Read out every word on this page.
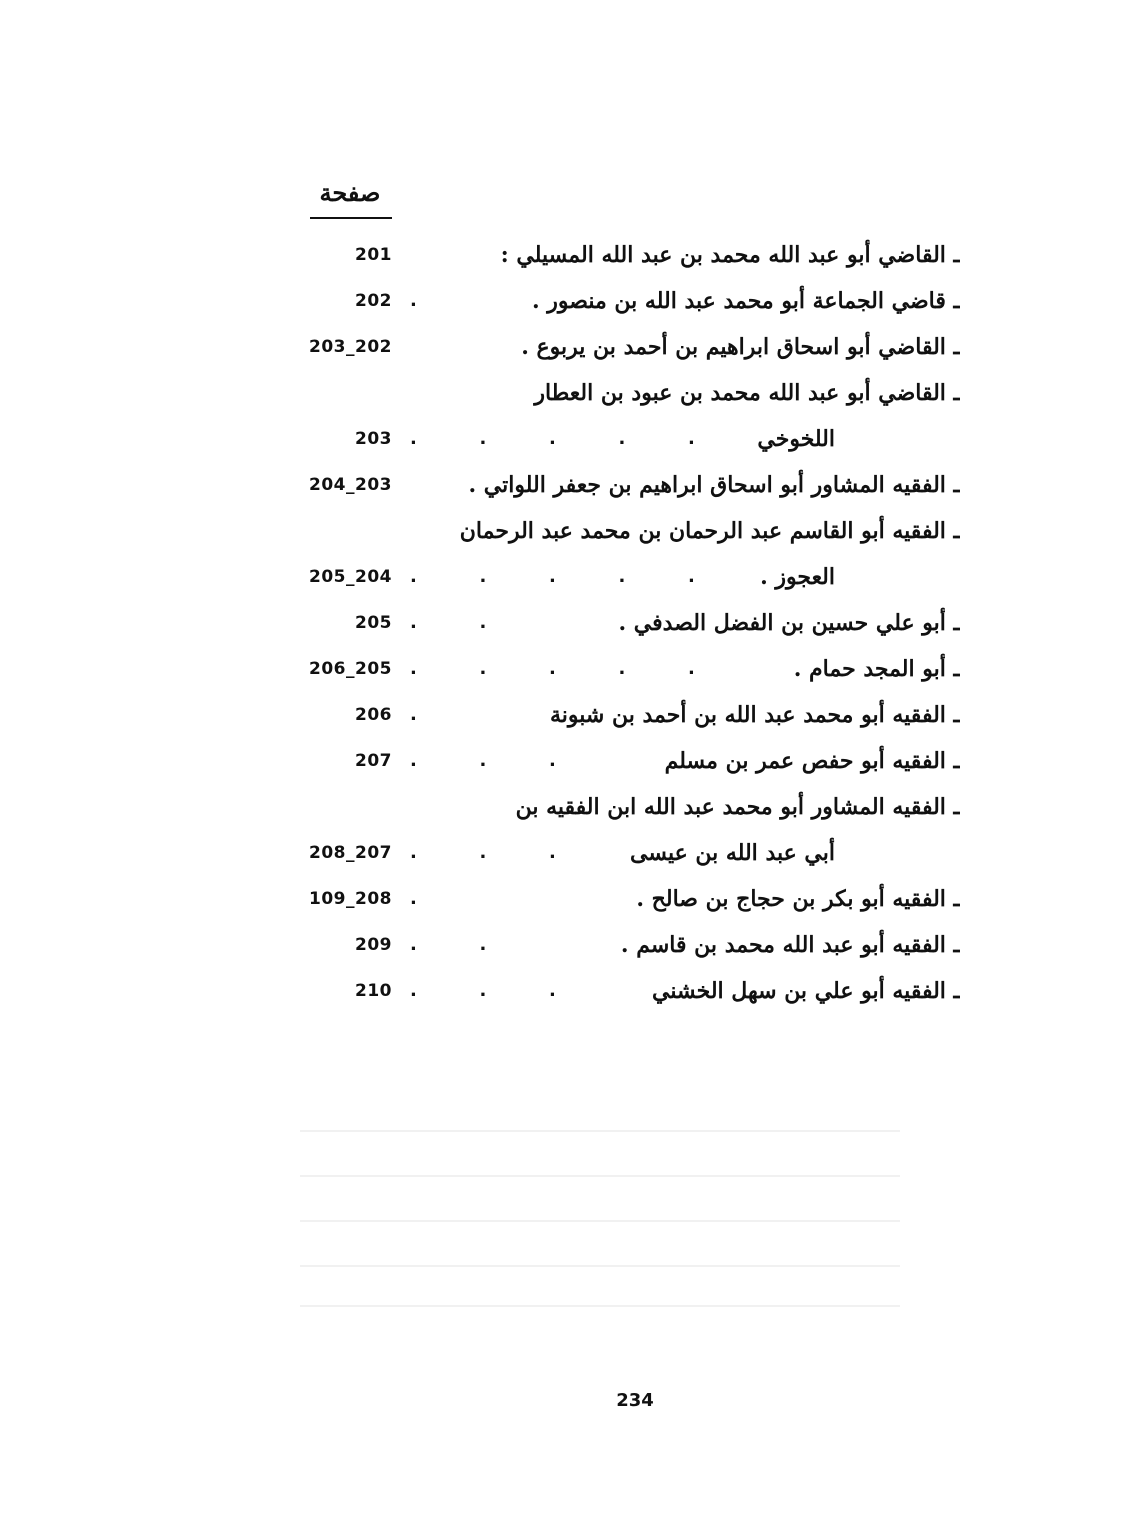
صفحة
201	ـ القاضي أبو عبد الله محمد بن عبد الله المسيلي :
202 .	ـ قاضي الجماعة أبو محمد عبد الله بن منصور .
203_202	ـ القاضي أبو اسحاق ابراهيم بن أحمد بن يربوع .
ـ القاضي أبو عبد الله محمد بن عبود بن العطار
203 .          .          .          .          .	اللخوخي
204_203	ـ الفقيه المشاور أبو اسحاق ابراهيم بن جعفر اللواتي .
ـ الفقيه أبو القاسم عبد الرحمان بن محمد عبد الرحمان
205_204 .          .          .          .          .	العجوز .
205 .          .	ـ أبو علي حسين بن الفضل الصدفي .
206_205 .          .          .          .          .	ـ أبو المجد حمام .
206 .	ـ الفقيه أبو محمد عبد الله بن أحمد بن شبونة
207 .          .          .	ـ الفقيه أبو حفص عمر بن مسلم
ـ الفقيه المشاور أبو محمد عبد الله ابن الفقيه بن
208_207 .          .          .	أبي عبد الله بن عيسى
109_208 .	ـ الفقيه أبو بكر بن حجاج بن صالح .
209 .          .	ـ الفقيه أبو عبد الله محمد بن قاسم .
210 .          .          .	ـ الفقيه أبو علي بن سهل الخشني
234
